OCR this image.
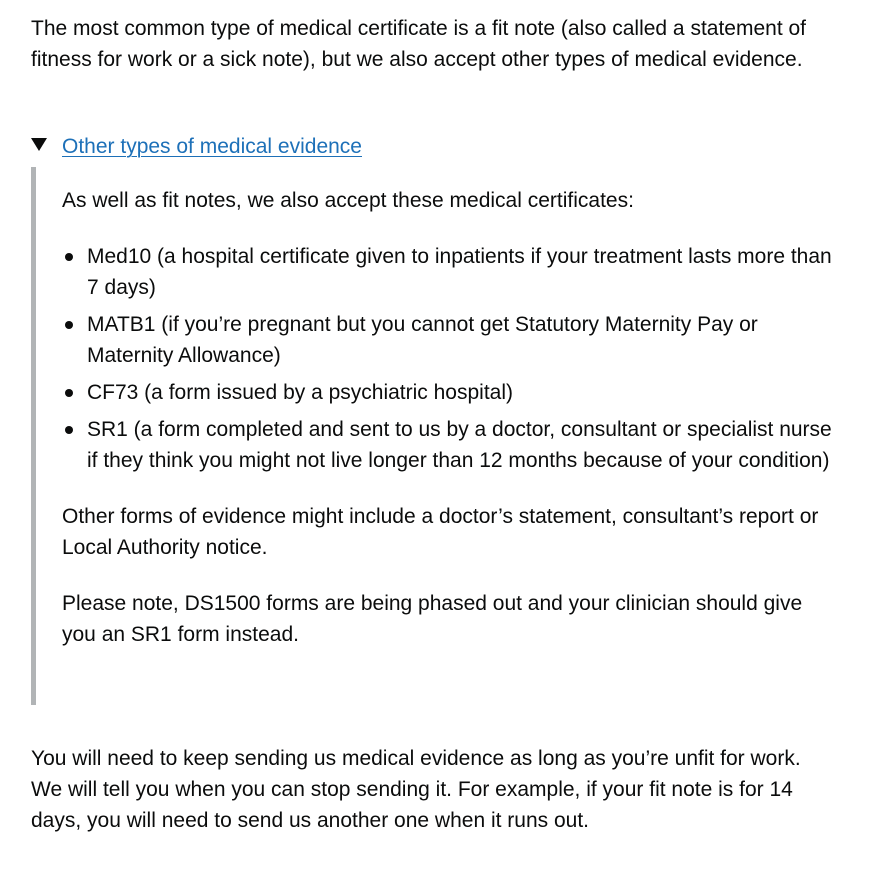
The most common type of medical certificate is a fit note (also called a statement of fitness for work or a sick note), but we also accept other types of medical evidence.

Other types of medical evidence

As well as fit notes, we also accept these medical certificates:

Med10 (a hospital certificate given to inpatients if your treatment lasts more than 7 days)
MATB1 (if you’re pregnant but you cannot get Statutory Maternity Pay or Maternity Allowance)
CF73 (a form issued by a psychiatric hospital)
SR1 (a form completed and sent to us by a doctor, consultant or specialist nurse if they think you might not live longer than 12 months because of your condition)

Other forms of evidence might include a doctor’s statement, consultant’s report or Local Authority notice.

Please note, DS1500 forms are being phased out and your clinician should give you an SR1 form instead.

You will need to keep sending us medical evidence as long as you’re unfit for work. We will tell you when you can stop sending it. For example, if your fit note is for 14 days, you will need to send us another one when it runs out.
